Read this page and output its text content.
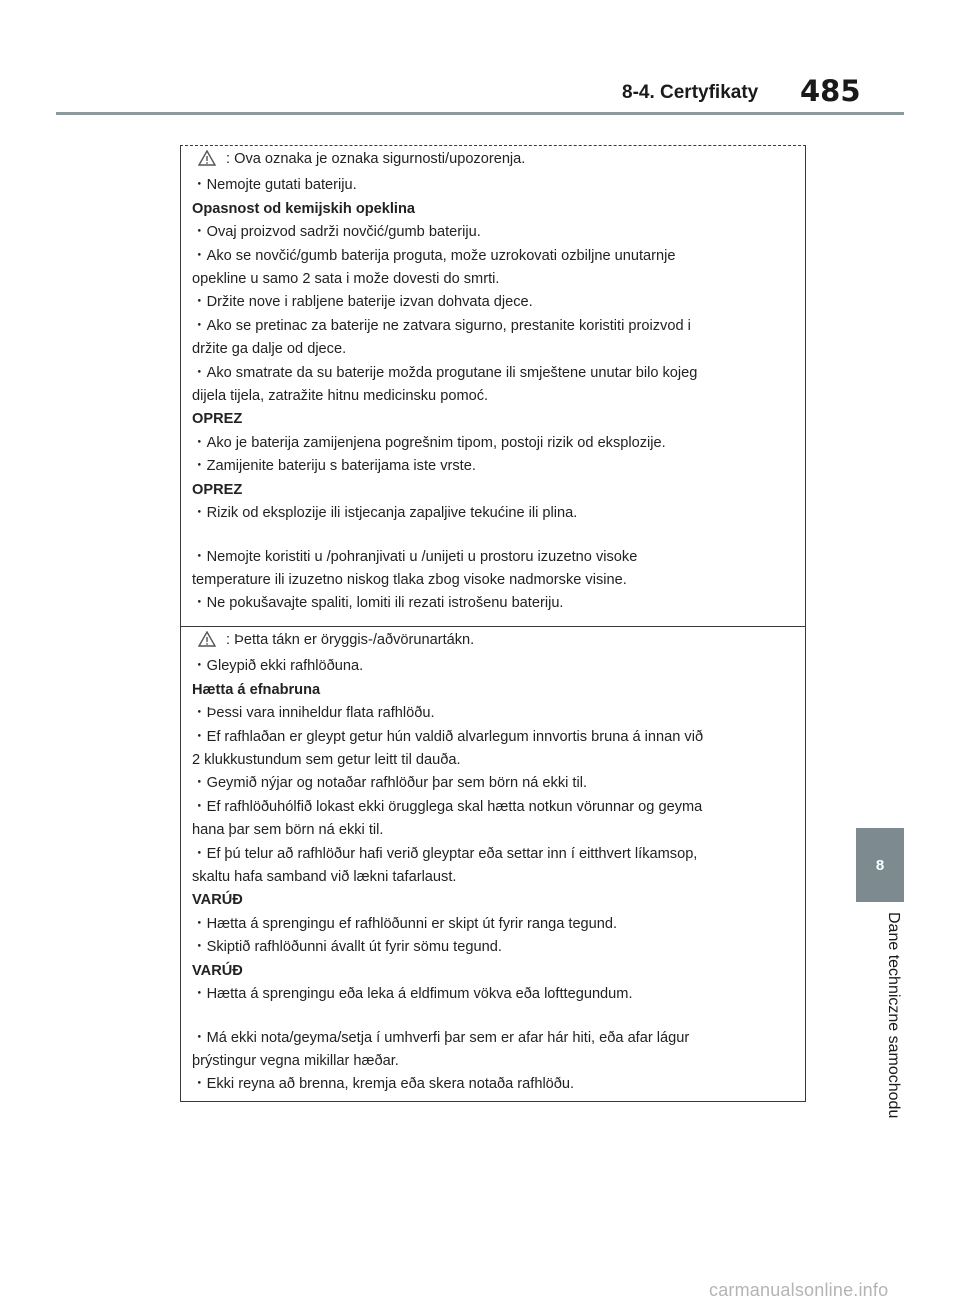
8-4. Certyfikaty 485
8
Dane techniczne samochodu

: Ova oznaka je oznaka sigurnosti/upozorenja.

・Nemojte gutati bateriju.

Opasnost od kemijskih opeklina

・Ovaj proizvod sadrži novčić/gumb bateriju.

・Ako se novčić/gumb baterija proguta, može uzrokovati ozbiljne unutarnje

opekline u samo 2 sata i može dovesti do smrti.

・Držite nove i rabljene baterije izvan dohvata djece.

・Ako se pretinac za baterije ne zatvara sigurno, prestanite koristiti proizvod i

držite ga dalje od djece.

・Ako smatrate da su baterije možda progutane ili smještene unutar bilo kojeg

dijela tijela, zatražite hitnu medicinsku pomoć.

OPREZ

・Ako je baterija zamijenjena pogrešnim tipom, postoji rizik od eksplozije.

・Zamijenite bateriju s baterijama iste vrste.

OPREZ

・Rizik od eksplozije ili istjecanja zapaljive tekućine ili plina.

・Nemojte koristiti u /pohranjivati u /unijeti u prostoru izuzetno visoke

temperature ili izuzetno niskog tlaka zbog visoke nadmorske visine.

・Ne pokušavajte spaliti, lomiti ili rezati istrošenu bateriju.

: Þetta tákn er öryggis-/aðvörunartákn.

・Gleypið ekki rafhlöðuna.

Hætta á efnabruna

・Þessi vara inniheldur flata rafhlöðu.

・Ef rafhlaðan er gleypt getur hún valdið alvarlegum innvortis bruna á innan við

2 klukkustundum sem getur leitt til dauða.

・Geymið nýjar og notaðar rafhlöður þar sem börn ná ekki til.

・Ef rafhlöðuhólfið lokast ekki örugglega skal hætta notkun vörunnar og geyma

hana þar sem börn ná ekki til.

・Ef þú telur að rafhlöður hafi verið gleyptar eða settar inn í eitthvert líkamsop,

skaltu hafa samband við lækni tafarlaust.

VARÚÐ

・Hætta á sprengingu ef rafhlöðunni er skipt út fyrir ranga tegund.

・Skiptið rafhlöðunni ávallt út fyrir sömu tegund.

VARÚÐ

・Hætta á sprengingu eða leka á eldfimum vökva eða lofttegundum.

・Má ekki nota/geyma/setja í umhverfi þar sem er afar hár hiti, eða afar lágur

þrýstingur vegna mikillar hæðar.

・Ekki reyna að brenna, kremja eða skera notaða rafhlöðu.

carmanualsonline.info
